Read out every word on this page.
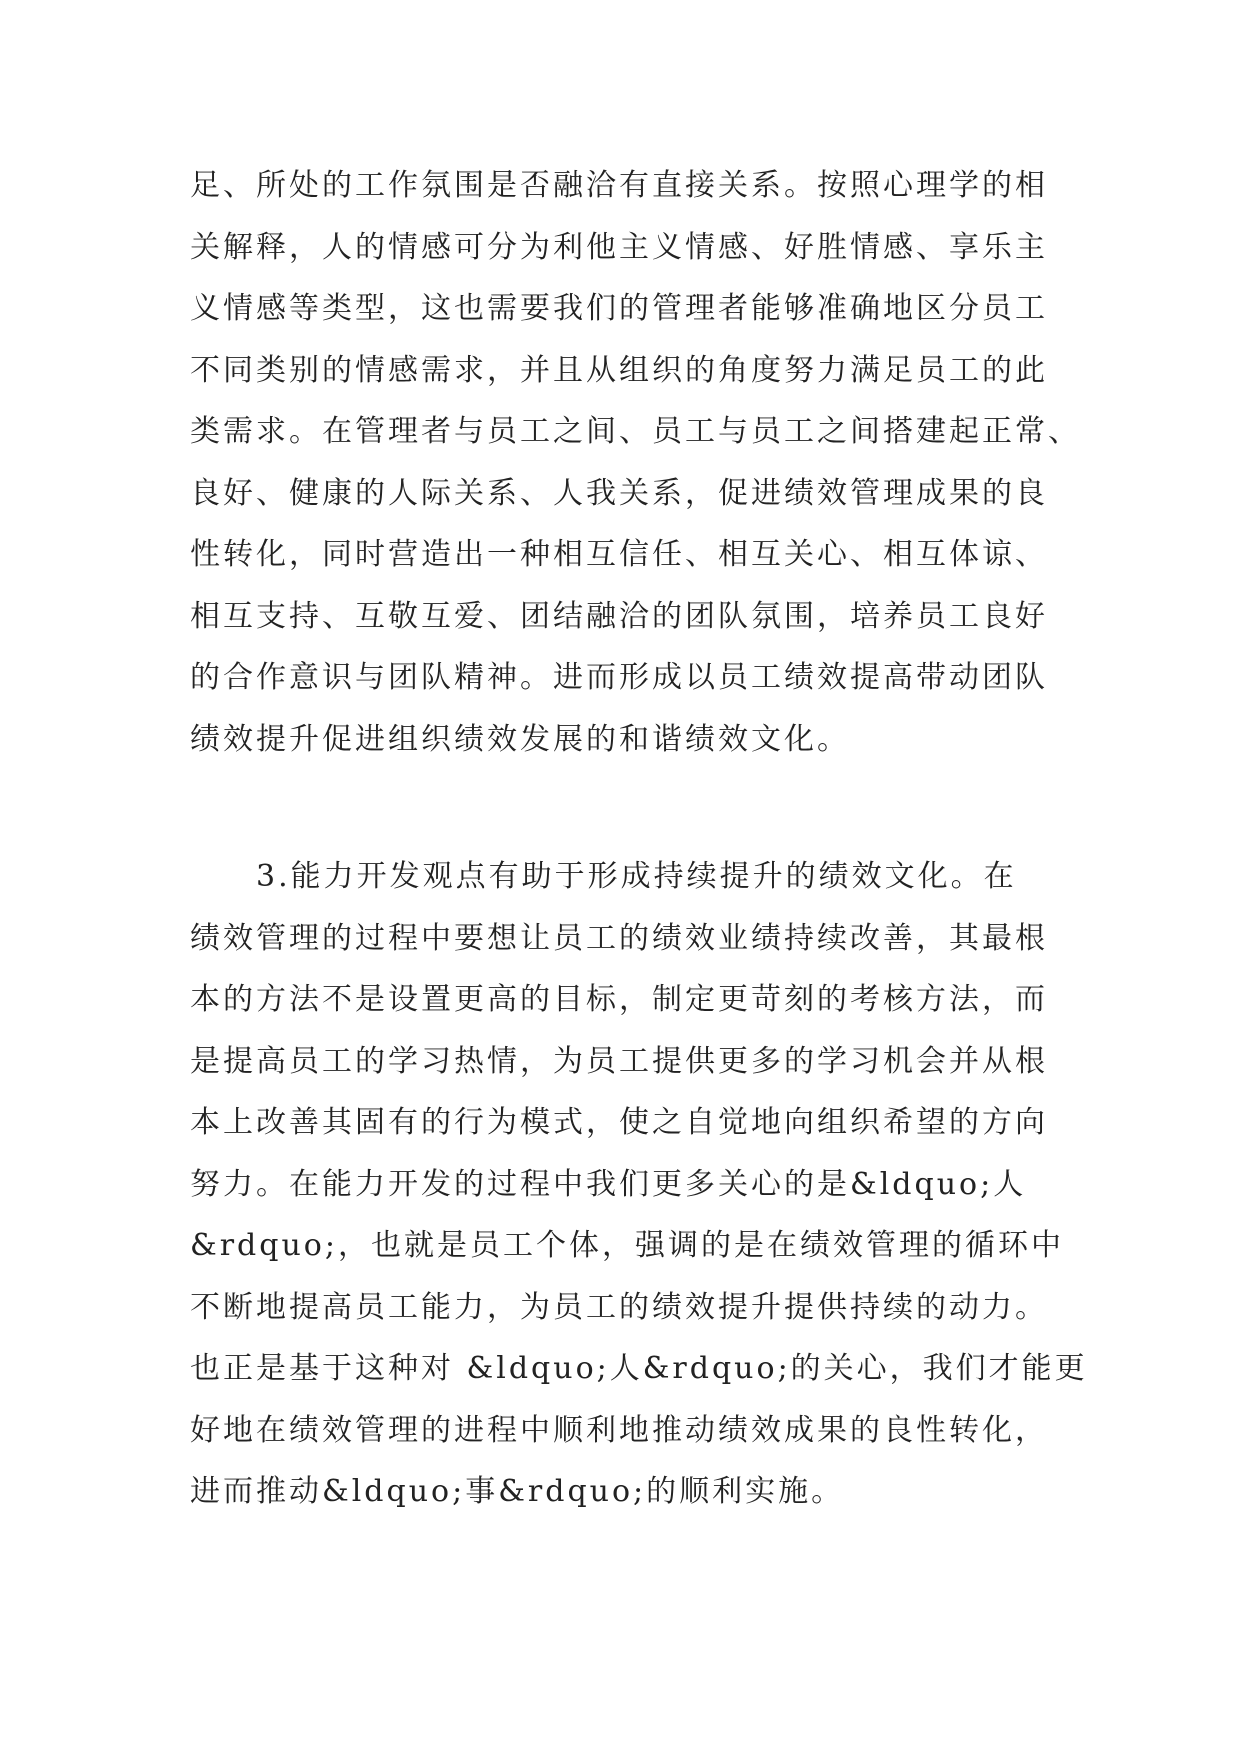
足、所处的工作氛围是否融洽有直接关系。按照心理学的相
关解释，人的情感可分为利他主义情感、好胜情感、享乐主
义情感等类型，这也需要我们的管理者能够准确地区分员工
不同类别的情感需求，并且从组织的角度努力满足员工的此
类需求。在管理者与员工之间、员工与员工之间搭建起正常、
良好、健康的人际关系、人我关系，促进绩效管理成果的良
性转化，同时营造出一种相互信任、相互关心、相互体谅、
相互支持、互敬互爱、团结融洽的团队氛围，培养员工良好
的合作意识与团队精神。进而形成以员工绩效提高带动团队
绩效提升促进组织绩效发展的和谐绩效文化。
　　3.能力开发观点有助于形成持续提升的绩效文化。在
绩效管理的过程中要想让员工的绩效业绩持续改善，其最根
本的方法不是设置更高的目标，制定更苛刻的考核方法，而
是提高员工的学习热情，为员工提供更多的学习机会并从根
本上改善其固有的行为模式，使之自觉地向组织希望的方向
努力。在能力开发的过程中我们更多关心的是&ldquo;人
&rdquo;，也就是员工个体，强调的是在绩效管理的循环中
不断地提高员工能力，为员工的绩效提升提供持续的动力。
也正是基于这种对 &ldquo;人&rdquo;的关心，我们才能更
好地在绩效管理的进程中顺利地推动绩效成果的良性转化，
进而推动&ldquo;事&rdquo;的顺利实施。
